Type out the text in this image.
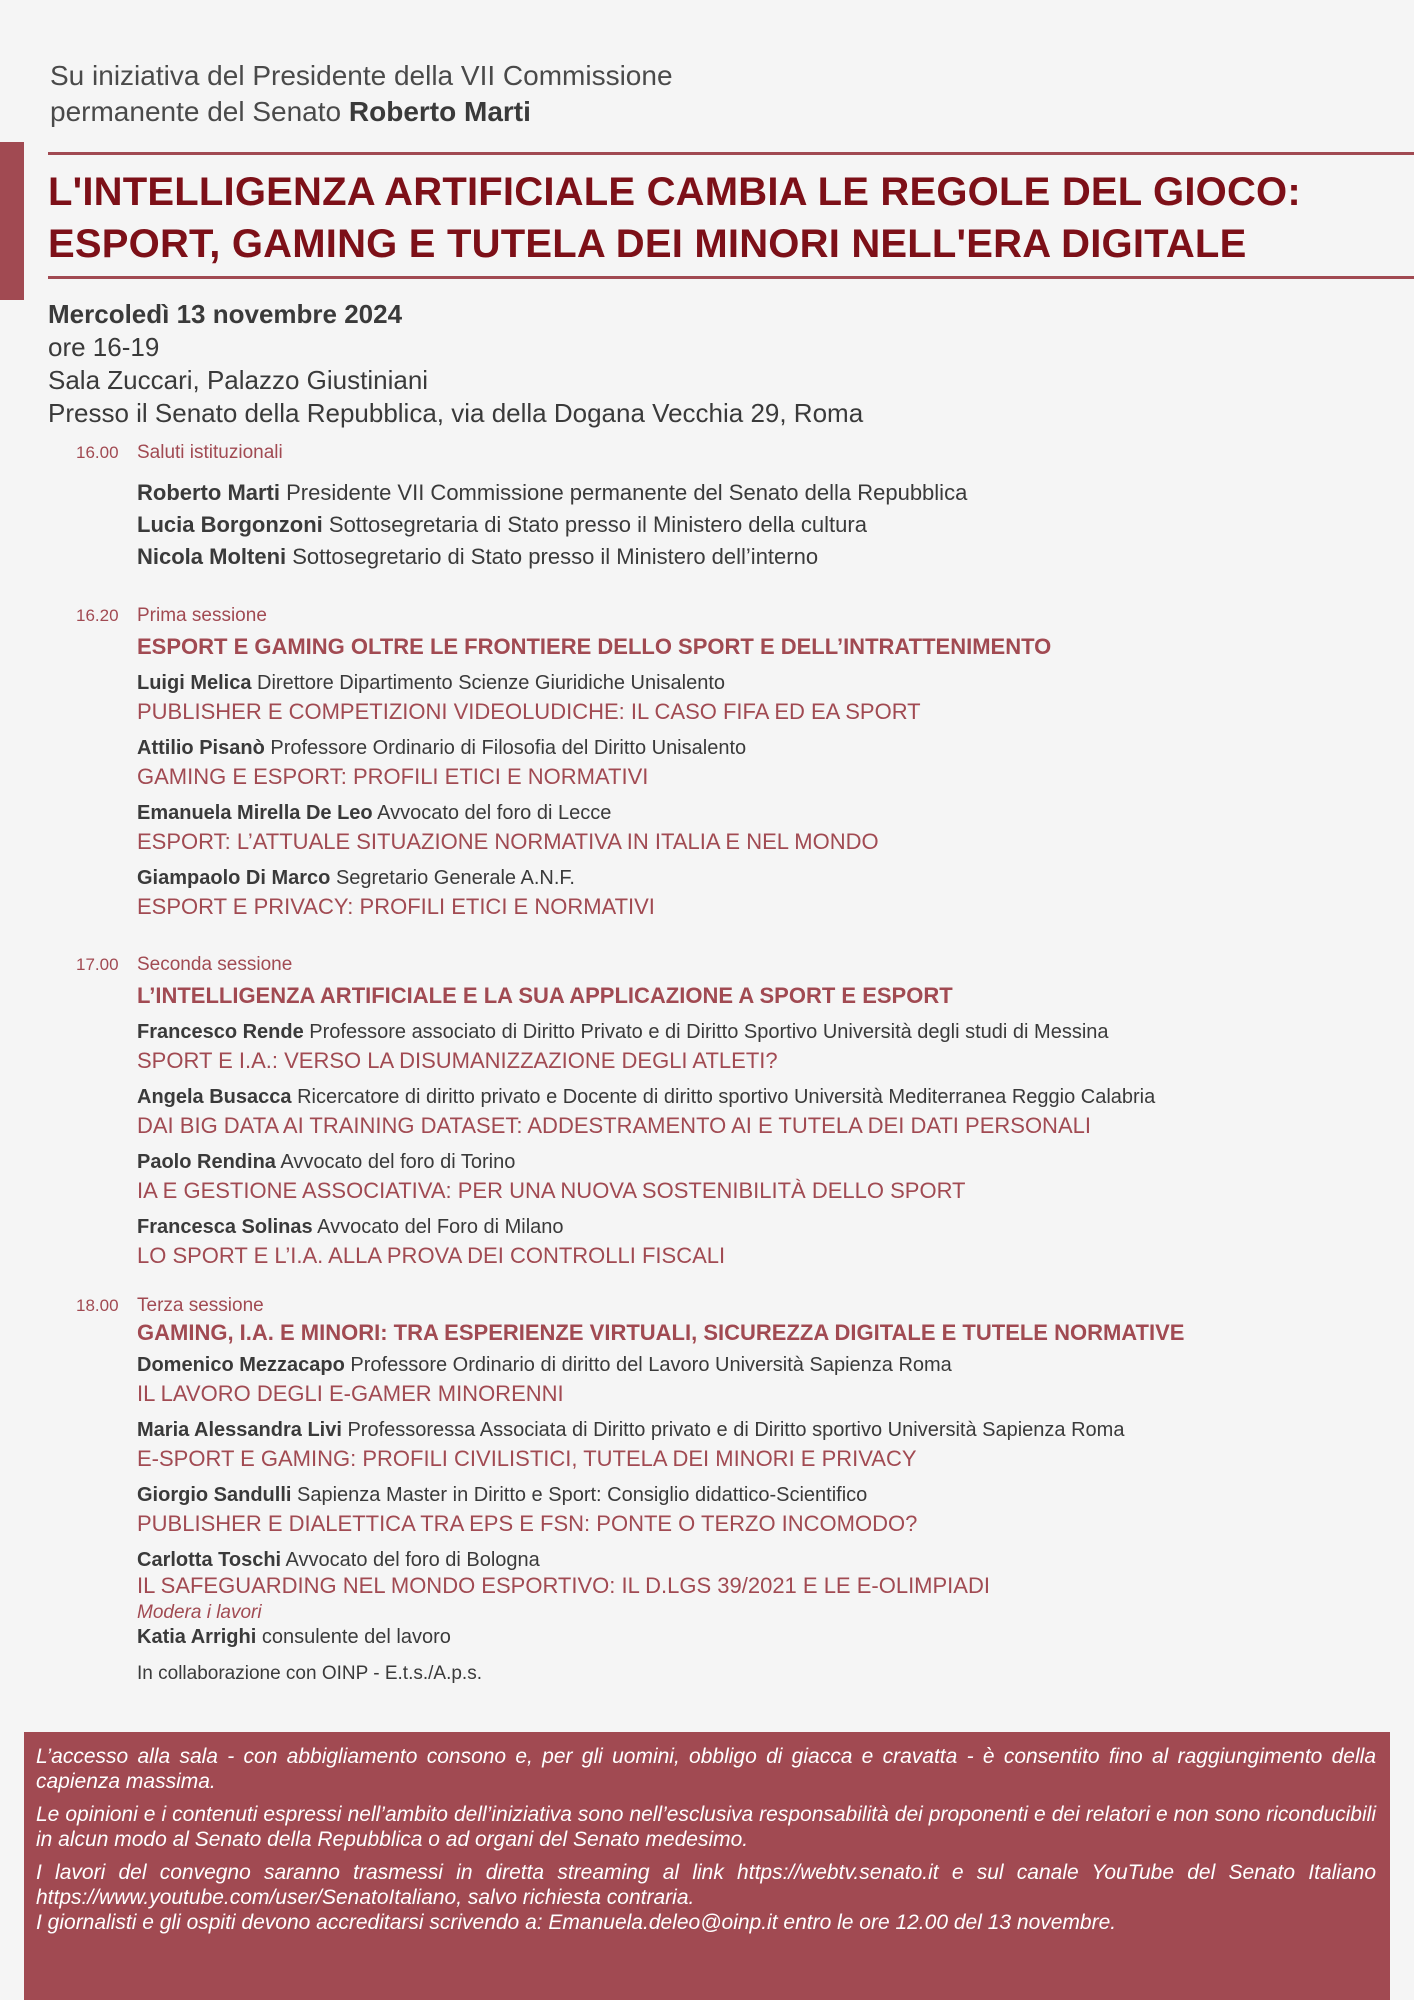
Su iniziativa del Presidente della VII Commissione
permanente del Senato Roberto Marti
L'INTELLIGENZA ARTIFICIALE CAMBIA LE REGOLE DEL GIOCO:
ESPORT, GAMING E TUTELA DEI MINORI NELL'ERA DIGITALE
Mercoledì 13 novembre 2024
ore 16-19
Sala Zuccari, Palazzo Giustiniani
Presso il Senato della Repubblica, via della Dogana Vecchia 29, Roma
16.00 Saluti istituzionali
Roberto Marti Presidente VII Commissione permanente del Senato della Repubblica
Lucia Borgonzoni Sottosegretaria di Stato presso il Ministero della cultura
Nicola Molteni Sottosegretario di Stato presso il Ministero dell’interno
16.20 Prima sessione
ESPORT E GAMING OLTRE LE FRONTIERE DELLO SPORT E DELL’INTRATTENIMENTO
Luigi Melica Direttore Dipartimento Scienze Giuridiche Unisalento
PUBLISHER E COMPETIZIONI VIDEOLUDICHE: IL CASO FIFA ED EA SPORT
Attilio Pisanò Professore Ordinario di Filosofia del Diritto Unisalento
GAMING E ESPORT: PROFILI ETICI E NORMATIVI
Emanuela Mirella De Leo Avvocato del foro di Lecce
ESPORT: L’ATTUALE SITUAZIONE NORMATIVA IN ITALIA E NEL MONDO
Giampaolo Di Marco Segretario Generale A.N.F.
ESPORT E PRIVACY: PROFILI ETICI E NORMATIVI
17.00 Seconda sessione
L’INTELLIGENZA ARTIFICIALE E LA SUA APPLICAZIONE A SPORT E ESPORT
Francesco Rende Professore associato di Diritto Privato e di Diritto Sportivo Università degli studi di Messina
SPORT E I.A.: VERSO LA DISUMANIZZAZIONE DEGLI ATLETI?
Angela Busacca Ricercatore di diritto privato e Docente di diritto sportivo Università Mediterranea Reggio Calabria
DAI BIG DATA AI TRAINING DATASET: ADDESTRAMENTO AI E TUTELA DEI DATI PERSONALI
Paolo Rendina Avvocato del foro di Torino
IA E GESTIONE ASSOCIATIVA: PER UNA NUOVA SOSTENIBILITÀ DELLO SPORT
Francesca Solinas Avvocato del Foro di Milano
LO SPORT E L’I.A. ALLA PROVA DEI CONTROLLI FISCALI
18.00 Terza sessione
GAMING, I.A. E MINORI: TRA ESPERIENZE VIRTUALI, SICUREZZA DIGITALE E TUTELE NORMATIVE
Domenico Mezzacapo Professore Ordinario di diritto del Lavoro Università Sapienza Roma
IL LAVORO DEGLI E-GAMER MINORENNI
Maria Alessandra Livi Professoressa Associata di Diritto privato e di Diritto sportivo Università Sapienza Roma
E-SPORT E GAMING: PROFILI CIVILISTICI, TUTELA DEI MINORI E PRIVACY
Giorgio Sandulli Sapienza Master in Diritto e Sport: Consiglio didattico-Scientifico
PUBLISHER E DIALETTICA TRA EPS E FSN: PONTE O TERZO INCOMODO?
Carlotta Toschi Avvocato del foro di Bologna
IL SAFEGUARDING NEL MONDO ESPORTIVO: IL D.LGS 39/2021 E LE E-OLIMPIADI
Modera i lavori
Katia Arrighi consulente del lavoro
In collaborazione con OINP - E.t.s./A.p.s.

L’accesso alla sala - con abbigliamento consono e, per gli uomini, obbligo di giacca e cravatta - è consentito fino al raggiungimento della capienza massima.

Le opinioni e i contenuti espressi nell’ambito dell’iniziativa sono nell’esclusiva responsabilità dei proponenti e dei relatori e non sono riconducibili in alcun modo al Senato della Repubblica o ad organi del Senato medesimo.

I lavori del convegno saranno trasmessi in diretta streaming al link https://webtv.senato.it e sul canale YouTube del Senato Italiano https://www.youtube.com/user/SenatoItaliano, salvo richiesta contraria.

I giornalisti e gli ospiti devono accreditarsi scrivendo a: Emanuela.deleo@oinp.it entro le ore 12.00 del 13 novembre.
